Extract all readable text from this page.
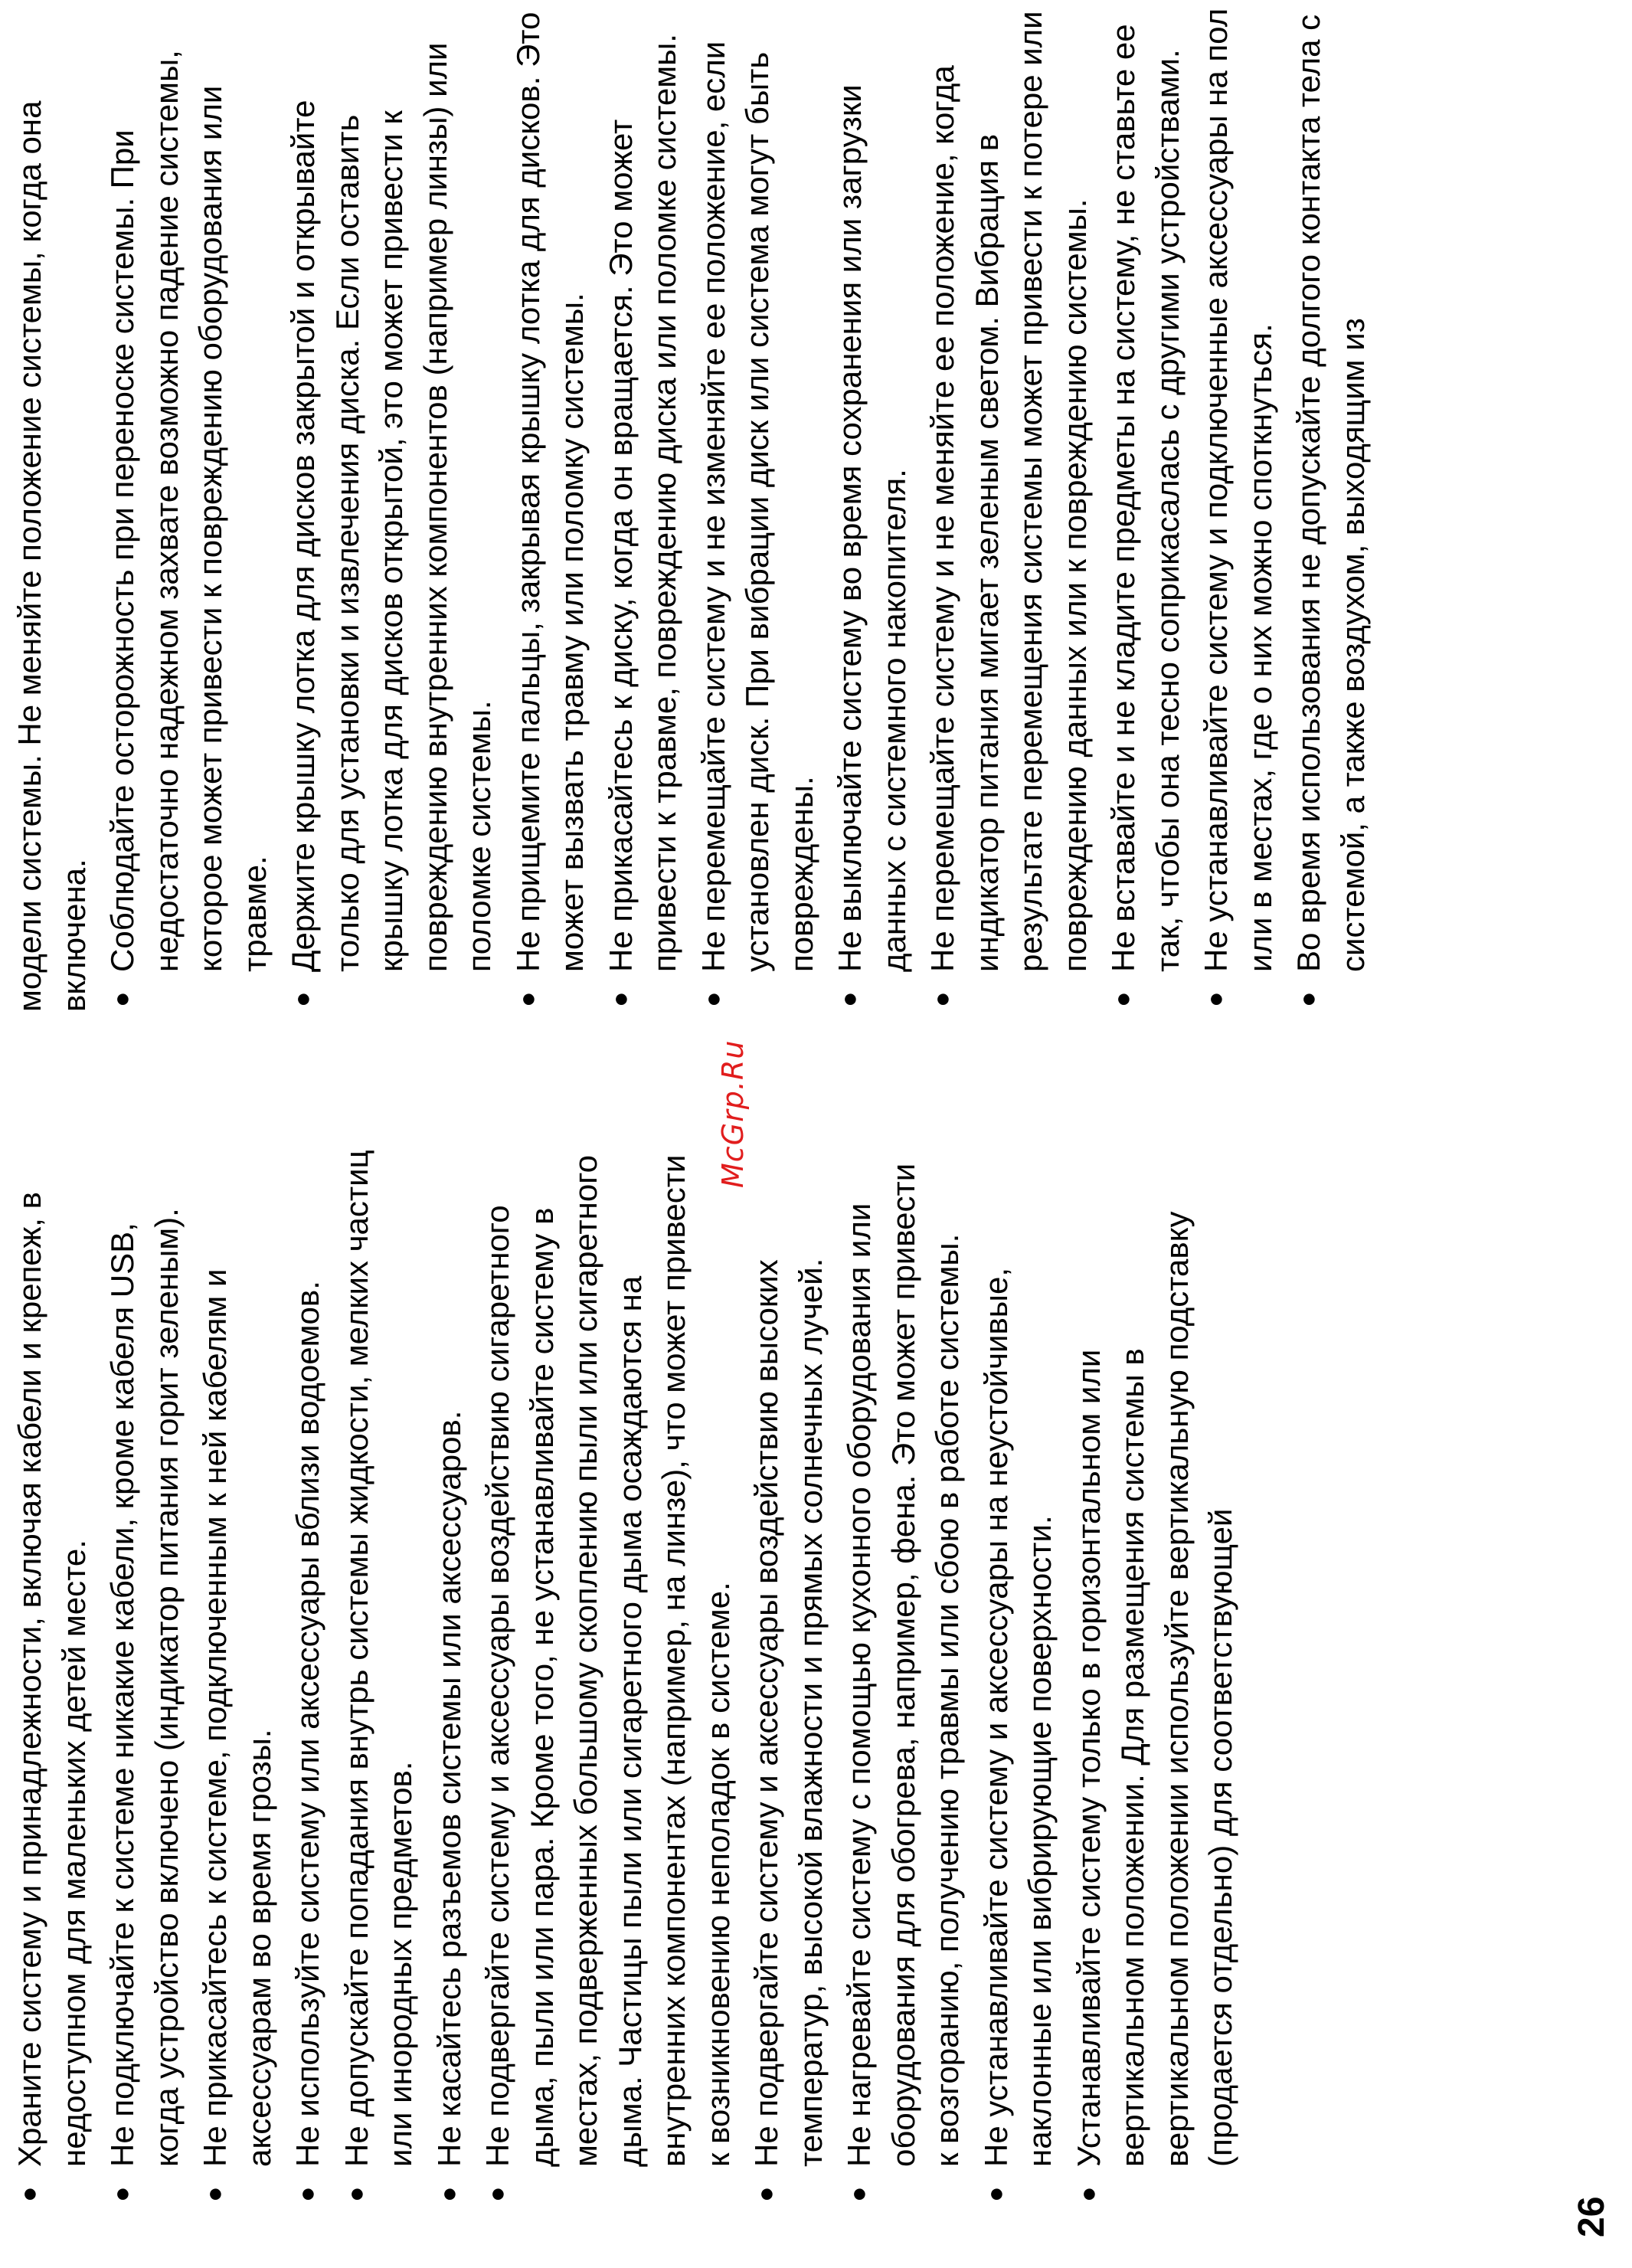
26
McGrp.Ru
●
Храните систему и принадлежности, включая кабели и крепеж, в недоступном для маленьких детей месте.
●
Не подключайте к системе никакие кабели, кроме кабеля USB, когда устройство включено (индикатор питания горит зеленым).
●
Не прикасайтесь к системе, подключенным к ней кабелям и аксессуарам во время грозы.
●
Не используйте систему или аксессуары вблизи водоемов.
●
Не допускайте попадания внутрь системы жидкости, мелких частиц или инородных предметов.
●
Не касайтесь разъемов системы или аксессуаров.
●
Не подвергайте систему и аксессуары воздействию сигаретного дыма, пыли или пара. Кроме того, не устанавливайте систему в местах, подверженных большому скоплению пыли или сигаретного дыма. Частицы пыли или сигаретного дыма осаждаются на внутренних компонентах (например, на линзе), что может привести к возникновению неполадок в системе.
●
Не подвергайте систему и аксессуары воздействию высоких температур, высокой влажности и прямых солнечных лучей.
●
Не нагревайте систему с помощью кухонного оборудования или оборудования для обогрева, например, фена. Это может привести к возгоранию, получению травмы или сбою в работе системы.
●
Не устанавливайте систему и аксессуары на неустойчивые, наклонные или вибрирующие поверхности.
●
Устанавливайте систему только в горизонтальном или вертикальном положении. Для размещения системы в вертикальном положении используйте вертикальную подставку (продается отдельно) для соответствующей
модели системы. Не меняйте положение системы, когда она включена. ●
Соблюдайте осторожность при переноске системы. При недостаточно надежном захвате возможно падение системы, которое может привести к повреждению оборудования или травме.
●
Держите крышку лотка для дисков закрытой и открывайте только для установки и извлечения диска. Если оставить крышку лотка для дисков открытой, это может привести к повреждению внутренних компонентов (например линзы) или поломке системы.
●
Не прищемите пальцы, закрывая крышку лотка для дисков. Это может вызвать травму или поломку системы.
●
Не прикасайтесь к диску, когда он вращается. Это может привести к травме, повреждению диска или поломке системы.
●
Не перемещайте систему и не изменяйте ее положение, если установлен диск. При вибрации диск или система могут быть повреждены.
●
Не выключайте систему во время сохранения или загрузки данных с системного накопителя.
●
Не перемещайте систему и не меняйте ее положение, когда индикатор питания мигает зеленым светом. Вибрация в результате перемещения системы может привести к потере или повреждению данных или к повреждению системы.
●
Не вставайте и не кладите предметы на систему, не ставьте ее так, чтобы она тесно соприкасалась с другими устройствами.
●
Не устанавливайте систему и подключенные аксессуары на пол или в местах, где о них можно споткнуться.
●
Во время использования не допускайте долгого контакта тела с системой, а также воздухом, выходящим из
